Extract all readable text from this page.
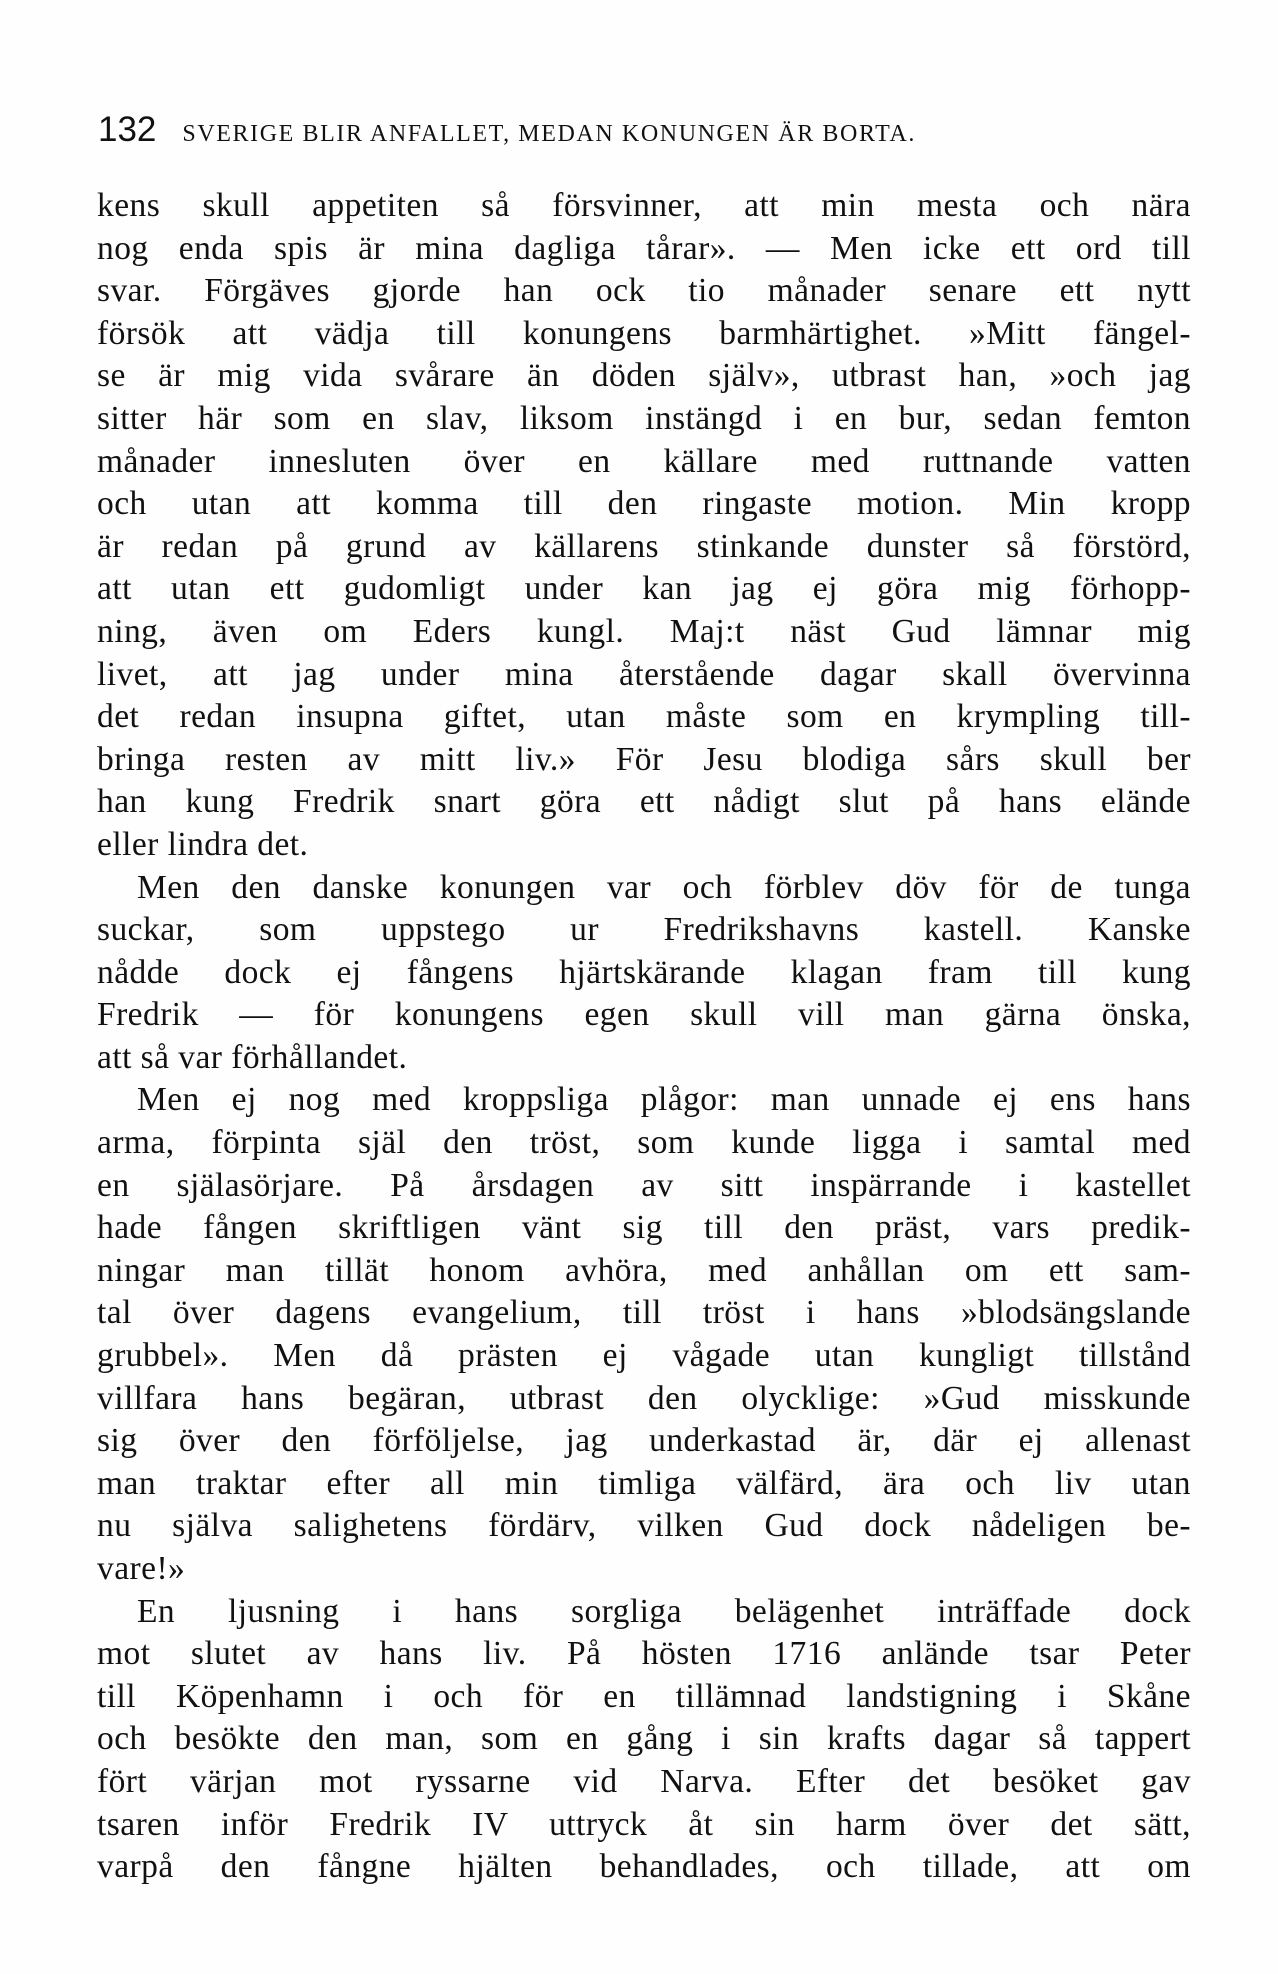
132 SVERIGE BLIR ANFALLET, MEDAN KONUNGEN ÄR BORTA.
kens skull appetiten så försvinner, att min mesta och nära
nog enda spis är mina dagliga tårar». — Men icke ett ord till
svar. Förgäves gjorde han ock tio månader senare ett nytt
försök att vädja till konungens barmhärtighet. »Mitt fängel-
se är mig vida svårare än döden själv», utbrast han, »och jag
sitter här som en slav, liksom instängd i en bur, sedan femton
månader innesluten över en källare med ruttnande vatten
och utan att komma till den ringaste motion. Min kropp
är redan på grund av källarens stinkande dunster så förstörd,
att utan ett gudomligt under kan jag ej göra mig förhopp-
ning, även om Eders kungl. Maj:t näst Gud lämnar mig
livet, att jag under mina återstående dagar skall övervinna
det redan insupna giftet, utan måste som en krympling till-
bringa resten av mitt liv.» För Jesu blodiga sårs skull ber
han kung Fredrik snart göra ett nådigt slut på hans elände
eller lindra det.
Men den danske konungen var och förblev döv för de tunga
suckar, som uppstego ur Fredrikshavns kastell. Kanske
nådde dock ej fångens hjärtskärande klagan fram till kung
Fredrik — för konungens egen skull vill man gärna önska,
att så var förhållandet.
Men ej nog med kroppsliga plågor: man unnade ej ens hans
arma, förpinta själ den tröst, som kunde ligga i samtal med
en själasörjare. På årsdagen av sitt inspärrande i kastellet
hade fången skriftligen vänt sig till den präst, vars predik-
ningar man tillät honom avhöra, med anhållan om ett sam-
tal över dagens evangelium, till tröst i hans »blodsängslande
grubbel». Men då prästen ej vågade utan kungligt tillstånd
villfara hans begäran, utbrast den olycklige: »Gud misskunde
sig över den förföljelse, jag underkastad är, där ej allenast
man traktar efter all min timliga välfärd, ära och liv utan
nu själva salighetens fördärv, vilken Gud dock nådeligen be-
vare!»
En ljusning i hans sorgliga belägenhet inträffade dock
mot slutet av hans liv. På hösten 1716 anlände tsar Peter
till Köpenhamn i och för en tillämnad landstigning i Skåne
och besökte den man, som en gång i sin krafts dagar så tappert
fört värjan mot ryssarne vid Narva. Efter det besöket gav
tsaren inför Fredrik IV uttryck åt sin harm över det sätt,
varpå den fångne hjälten behandlades, och tillade, att om
